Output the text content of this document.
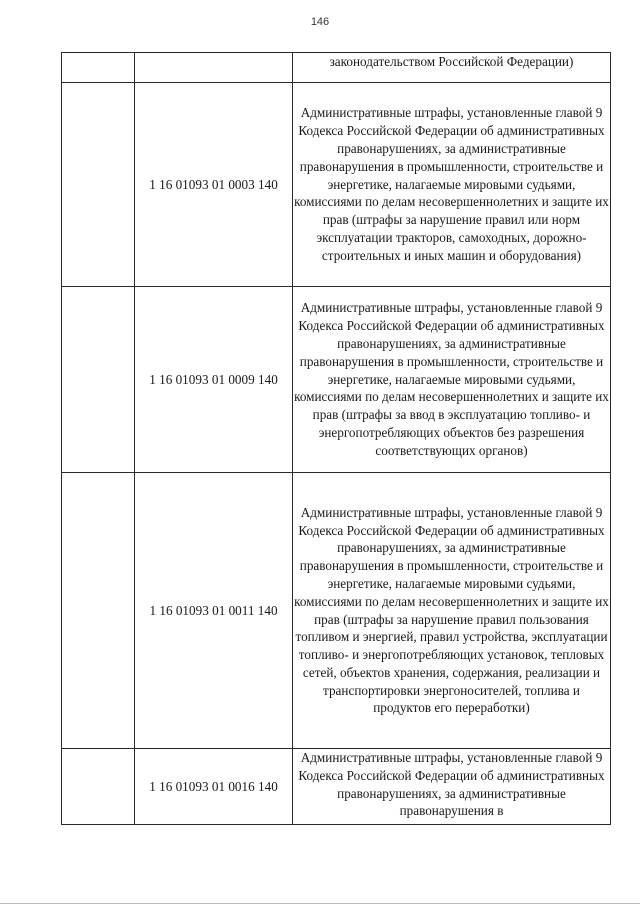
146
		законодательством Российской Федерации)
	1 16 01093 01 0003 140	Административные штрафы, установленные главой 9 Кодекса Российской Федерации об административных правонарушениях, за административные правонарушения в промышленности, строительстве и энергетике, налагаемые мировыми судьями, комиссиями по делам несовершеннолетних и защите их прав (штрафы за нарушение правил или норм эксплуатации тракторов, самоходных, дорожно-строительных и иных машин и оборудования)
	1 16 01093 01 0009 140	Административные штрафы, установленные главой 9 Кодекса Российской Федерации об административных правонарушениях, за административные правонарушения в промышленности, строительстве и энергетике, налагаемые мировыми судьями, комиссиями по делам несовершеннолетних и защите их прав (штрафы за ввод в эксплуатацию топливо- и энергопотребляющих объектов без разрешения соответствующих органов)
	1 16 01093 01 0011 140	Административные штрафы, установленные главой 9 Кодекса Российской Федерации об административных правонарушениях, за административные правонарушения в промышленности, строительстве и энергетике, налагаемые мировыми судьями, комиссиями по делам несовершеннолетних и защите их прав (штрафы за нарушение правил пользования топливом и энергией, правил устройства, эксплуатации топливо- и энергопотребляющих установок, тепловых сетей, объектов хранения, содержания, реализации и транспортировки энергоносителей, топлива и продуктов его переработки)
	1 16 01093 01 0016 140	Административные штрафы, установленные главой 9 Кодекса Российской Федерации об административных правонарушениях, за административные правонарушения в
